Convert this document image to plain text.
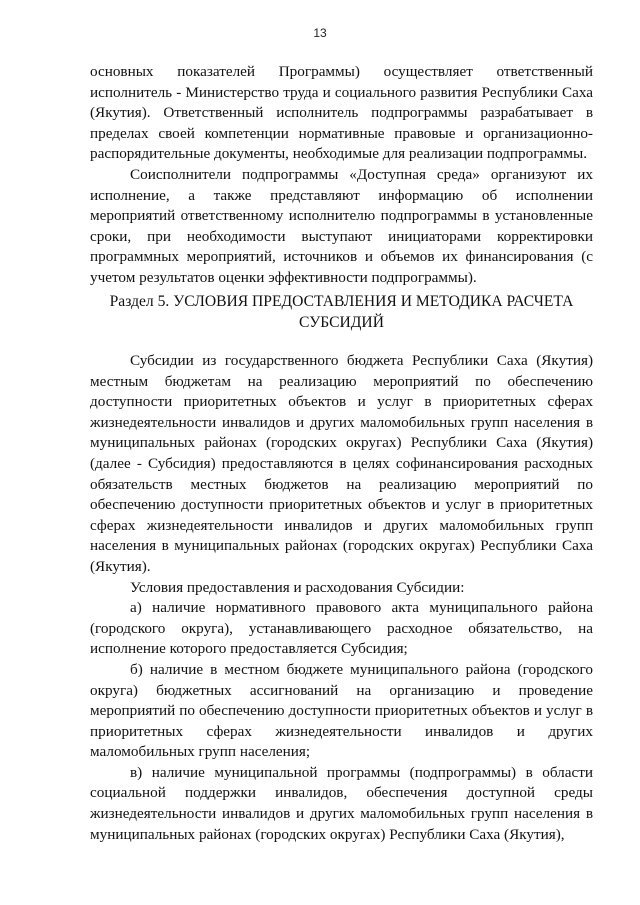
13

основных показателей Программы) осуществляет ответственный исполнитель - Министерство труда и социального развития Республики Саха (Якутия). Ответственный исполнитель подпрограммы разрабатывает в пределах своей компетенции нормативные правовые и организационно-распорядительные документы, необходимые для реализации подпрограммы.

Соисполнители подпрограммы «Доступная среда» организуют их исполнение, а также представляют информацию об исполнении мероприятий ответственному исполнителю подпрограммы в установленные сроки, при необходимости выступают инициаторами корректировки программных мероприятий, источников и объемов их финансирования (с учетом результатов оценки эффективности подпрограммы).

Раздел 5. УСЛОВИЯ ПРЕДОСТАВЛЕНИЯ И МЕТОДИКА РАСЧЕТА
СУБСИДИЙ

Субсидии из государственного бюджета Республики Саха (Якутия) местным бюджетам на реализацию мероприятий по обеспечению доступности приоритетных объектов и услуг в приоритетных сферах жизнедеятельности инвалидов и других маломобильных групп населения в муниципальных районах (городских округах) Республики Саха (Якутия) (далее - Субсидия) предоставляются в целях софинансирования расходных обязательств местных бюджетов на реализацию мероприятий по обеспечению доступности приоритетных объектов и услуг в приоритетных сферах жизнедеятельности инвалидов и других маломобильных групп населения в муниципальных районах (городских округах) Республики Саха (Якутия).

Условия предоставления и расходования Субсидии:

а) наличие нормативного правового акта муниципального района (городского округа), устанавливающего расходное обязательство, на исполнение которого предоставляется Субсидия;

б) наличие в местном бюджете муниципального района (городского округа) бюджетных ассигнований на организацию и проведение мероприятий по обеспечению доступности приоритетных объектов и услуг в приоритетных сферах жизнедеятельности инвалидов и других маломобильных групп населения;

в) наличие муниципальной программы (подпрограммы) в области социальной поддержки инвалидов, обеспечения доступной среды жизнедеятельности инвалидов и других маломобильных групп населения в муниципальных районах (городских округах) Республики Саха (Якутия),
